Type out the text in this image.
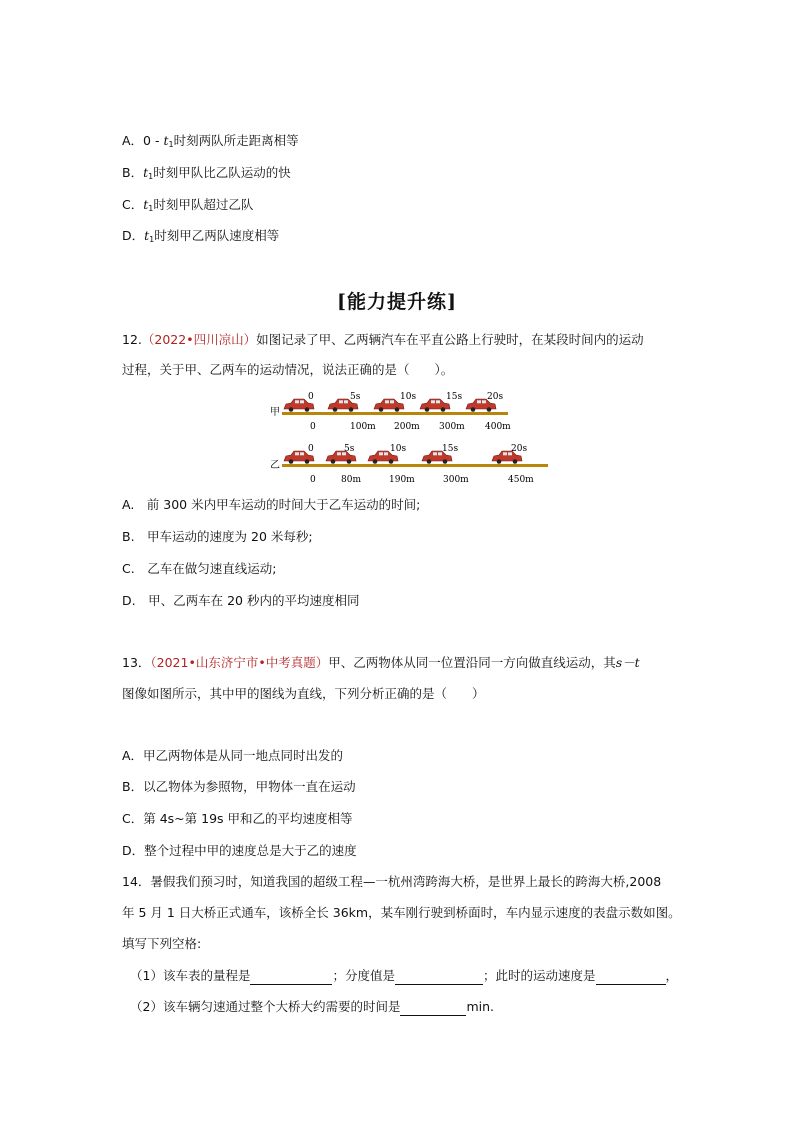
A．0 - t1时刻两队所走距离相等
B．t1时刻甲队比乙队运动的快
C．t1时刻甲队超过乙队
D．t1时刻甲乙两队速度相等
[能力提升练]
12.（2022•四川凉山）如图记录了甲、乙两辆汽车在平直公路上行驶时，在某段时间内的运动
过程，关于甲、乙两车的运动情况，说法正确的是（　　）。
甲
0	5s	10s	15s	20s
0	100m 200m 300m 400m
乙
0	5s	10s	15s	20s
0	80m	190m	300m	450m
A.　前 300 米内甲车运动的时间大于乙车运动的时间;
B.　甲车运动的速度为 20 米每秒;
C.　乙车在做匀速直线运动;
D.　甲、乙两车在 20 秒内的平均速度相同
13．（2021•山东济宁市•中考真题）甲、乙两物体从同一位置沿同一方向做直线运动，其s－t
图像如图所示，其中甲的图线为直线，下列分析正确的是（　　）
A．甲乙两物体是从同一地点同时出发的
B．以乙物体为参照物，甲物体一直在运动
C．第 4s~第 19s 甲和乙的平均速度相等
D．整个过程中甲的速度总是大于乙的速度
14．暑假我们预习时，知道我国的超级工程—一杭州湾跨海大桥，是世界上最长的跨海大桥,2008
年 5 月 1 日大桥正式通车，该桥全长 36km，某车刚行驶到桥面时，车内显示速度的表盘示数如图。
填写下列空格:
（1）该车表的量程是	；分度值是	；此时的运动速度是	，
（2）该车辆匀速通过整个大桥大约需要的时间是	min.
